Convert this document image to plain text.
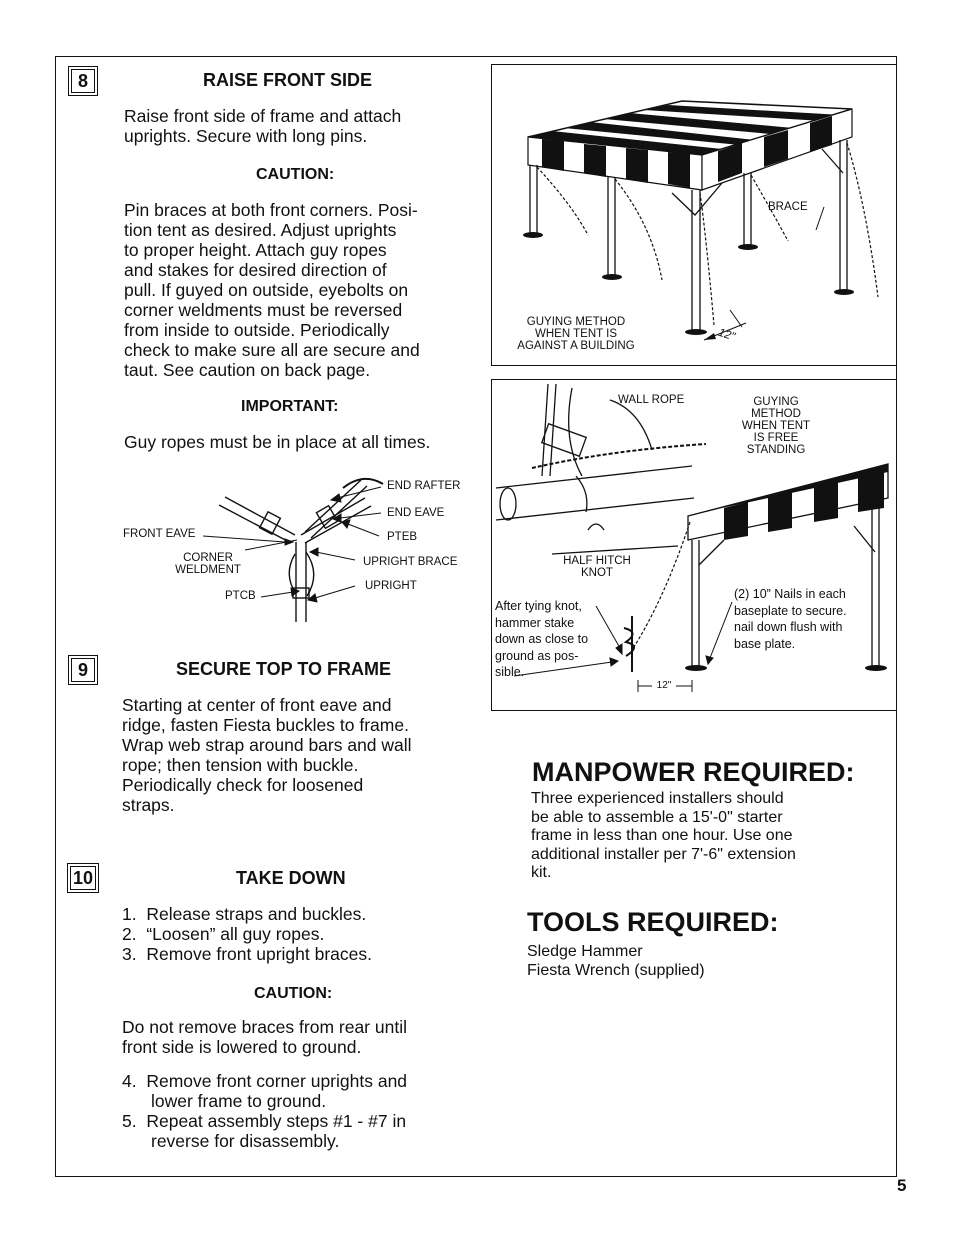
8	RAISE FRONT SIDE
Raise front side of frame and attach
uprights. Secure with long pins.
CAUTION:
Pin braces at both front corners. Posi-
tion tent as desired. Adjust uprights
to proper height. Attach guy ropes
and stakes for desired direction of
pull. If guyed on outside, eyebolts on
corner weldments must be reversed
from inside to outside. Periodically
check to make sure all are secure and
taut. See caution on back page.
IMPORTANT:
Guy ropes must be in place at all times.
END RAFTER
END EAVE
FRONT EAVE	PTEB
CORNER
WELDMENT
UPRIGHT BRACE
UPRIGHT
PTCB
9	SECURE TOP TO FRAME
Starting at center of front eave and
ridge, fasten Fiesta buckles to frame.
Wrap web strap around bars and wall
rope; then tension with buckle.
Periodically check for loosened
straps.
10	TAKE DOWN
1. Release straps and buckles.
2. “Loosen” all guy ropes.
3. Remove front upright braces.
CAUTION:
Do not remove braces from rear until
front side is lowered to ground.
4. Remove front corner uprights and
lower frame to ground.
5. Repeat assembly steps #1 - #7 in
reverse for disassembly.
BRACE
GUYING METHOD
WHEN TENT IS
AGAINST A BUILDING
12"
WALL ROPE	GUYING
METHOD
WHEN TENT
IS FREE
STANDING
HALF HITCH
KNOT
After tying knot,
hammer stake
down as close to
ground as pos-
sible.
(2) 10” Nails in each
baseplate to secure.
nail down flush with
base plate.
12"
MANPOWER REQUIRED:
Three experienced installers should
be able to assemble a 15'-0" starter
frame in less than one hour. Use one
additional installer per 7'-6" extension
kit.
TOOLS REQUIRED:
Sledge Hammer
Fiesta Wrench (supplied)
5
